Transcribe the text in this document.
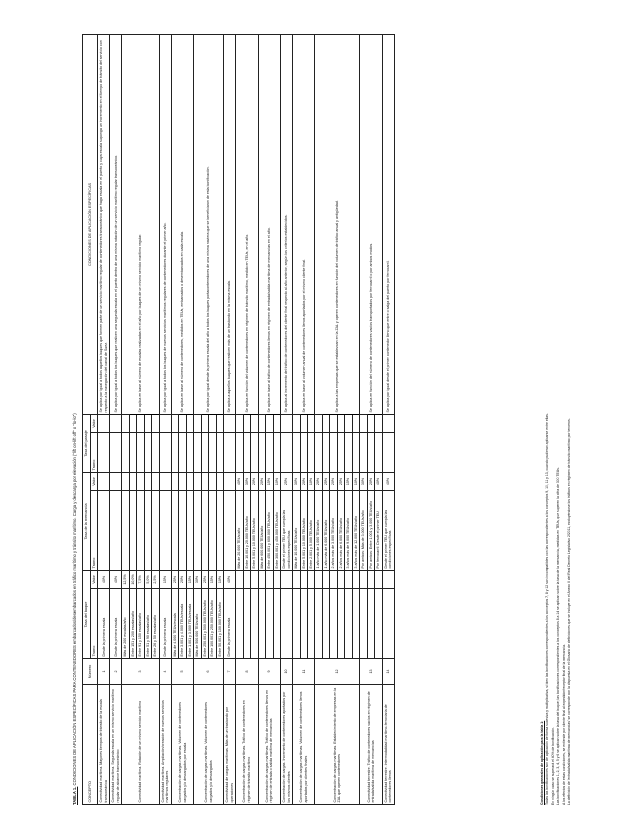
TABLA 1. CONDICIONES DE APLICACIÓN ESPECÍFICAS PARA CONTENEDORES embarcados/desembarcados en tráfico marítimo y tránsito marítimo. Carga y descarga por elevación ("lift on-lift off" o "lo-lo")
CONCEPTO	Número	Tasa del buque		Tasa de la mercancía		Tasa del pasaje		CONDICIONES DE APLICACIÓN ESPECÍFICAS
		Tramo	Valor	Tramo	Valor	Tramo	Valor	
Conectividad marítima. Mayores tiempos de tránsito de la escala transoceánica	1	Desde la primera escala	40%					Se aplica por igual a todos aquellos buques que formen parte de un servicio marítimo regular de contenedores transoceánico que haga escala en el puerto y cuya escala suponga un incremento en el tiempo de tránsito del servicio con respecto a la navegación del canal de Suez.
Conectividad marítima. Segunda escala en un mismo servicio marítimo regular de alcance transoceánico	2	Desde la primera escala	40%					Se aplica por igual a todos los buques que realicen una segunda escala en el puerto dentro de una misma rotación de un servicio marítimo regular transoceánico.
Conectividad marítima. Rotación de un mismo servicio marítimo	3	Más de 200 escalas/año	12,5%					Se aplica en base al número de escalas realizadas en el año por buques de un mismo servicio marítimo regular.
		Entre 151 y 200 escalas/año	10,0%					
		Entre 91 y 150 escalas/año	7,5%					
		Entre 51 y 90 escalas/año	5,0%					
		Entre 26 y 50 escalas/año	2,5%					
Conectividad marítima. Ampliación/creación de nuevos servicios marítimos regulares	4	Desde la primera escala	15%					Se aplica por igual a todos los buques de nuevos servicios marítimos regulares de contenedores durante el primer año.
Concentración de cargas marítimas. Volumen de contenedores cargados y/o descargados por escala	5	Más de 4.000 TEUs/escala	25%					Se aplica en base al número de contenedores, medidos en TEUs, embarcados o desembarcados en cada escala.
		Entre 3.001 y 4.000 TEUs/escala	20%					
		Entre 1.001 y 3.000 TEUs/escala	15%					
Concentración de cargas marítimas. Volumen de contenedores cargados y/o descargados	6	Más de 500.000 TEUs/año	30%					Se aplica por igual desde la primera escala del año a todos los buques portacontenedores de una misma naviera que se beneficiaron de esta bonificación.
		Entre 250.001 y 500.000 TEUs/año	25%					
		Entre 100.001 y 250.000 TEUs/año	15%					
		Entre 50.001 y 100.000 TEUs/año	10%					
Conectividad de cargas marítimas. Más de un trasbordo por operaciones	7	Desde la primera escala	40%					Se aplica a aquellos buques que realicen más de un trasbordo en la misma escala.
Concentración de cargas marítimas. Tráfico de contenedores en régimen de tránsito marítimo	8			Más de 20.000 TEUs/año	40%			Se aplica en función del volumen de contenedores en régimen de tránsito marítimo, medido en TEUs, en el año.
				Entre 10.001 y 20.000 TEUs/año	30%			
				Entre 5.001 y 10.000 TEUs/año	20%			
Concentración de cargas marítimas. Tráfico de contenedores llenos en régimen de entrada o salida marítima de mercancías	9			Más de 600.000 TEUs/año	20%			Se aplica en base al tráfico de contenedores llenos en régimen de entrada/salida marítima de mercancías en el año.
				Entre 450.001 y 600.000 TEUs/año	15%			
				Entre 300.001 y 450.000 TEUs/año	10%			
Concentración de cargas. Incremento de contenedores aportados por los mismos clientes	10			Desde el primer TEU que cumpla las condiciones específicas	25%			Se aplica al incremento del tráfico de contenedores del cliente final respecto al año anterior, según los criterios establecidos.
Concentración de cargas marítimas. Volumen de contenedores llenos aportados por clientes finales	11			Más de 10.000 TEUs/año	30%			Se aplica en base al volumen anual de contenedores llenos aportados por el mismo cliente final.
				Entre 5.001 y 10.000 TEUs/año	20%			
				Entre 2.001 y 5.000 TEUs/año	10%			
Concentración de cargas marítimas. Establecimiento de empresas en la ZAL que operen contenedores	12			1 año más de 1.000 TEUs/año	20%			Se aplica a las empresas que se establezcan en la ZAL y operen contenedores en función del volumen de tráfico anual y antigüedad.
				1 año más de 6.000 TEUs/año	25%			
				2 años más de 3.000 TEUs/año	20%			
				2 años más de 6.000 TEUs/año	25%			
				3 años más de 9.000 TEUs/año	15%			
				3 años más de 12.000 TEUs/año	10%			
Conectividad terrestre. Tráfico de contenedores vacíos en régimen de entrada/salida marítima de mercancías	13			Por ambos: Más de 3.000 TEUs/año	30%			Se aplica en función del número de contenedores vacíos transportados por ferrocarril o por ambos modos.
				Por ambos: Entre 1.001 y 3.000 TEUs/año	20%			
				Por ferrocarril: Desde el primer TEU	40%			
Conectividad terrestre. Intermodalidad marítimo-ferroviaria de contenedores llenos	14			Desde el primer TEU que cumpla las condiciones específicas	40%			Se aplica por igual desde el primer contenedor lleno que entre o salga del puerto por ferrocarril.
Condiciones generales de aplicación para la tabla 1: Todas las bonificaciones son de aplicación de forma sucesiva y multiplicativa, si bien las bonificaciones correspondientes a los conceptos 7, 8 y 12 son incompatibles con las correspondientes a los conceptos 9, 10, 11 y 13, cuando pudieran aplicarse entre ellas. En ningún caso se superará el 40% de bonificación. Las bonificaciones 1, 2, 3, 4, 5 y 6 se aplican sobre la tasa del buque; las bonificaciones correspondientes a los conceptos 8 a 14 se aplican sobre la tasa de la mercancía, medidas en TEUs, que superen la cifra de 300 TEUs. A los efectos de estas condiciones, se entiende por cliente final al expedidor/receptor final de la mercancía. La definición de 'entrada/salida marítima de mercancías' se corresponde con la dispuesta en el Glosario de definiciones que se incluye en el Anexo II del Real Decreto Legislativo 2/2011, excluyéndose los tráficos en régimen de tránsito marítimo por terceros.
